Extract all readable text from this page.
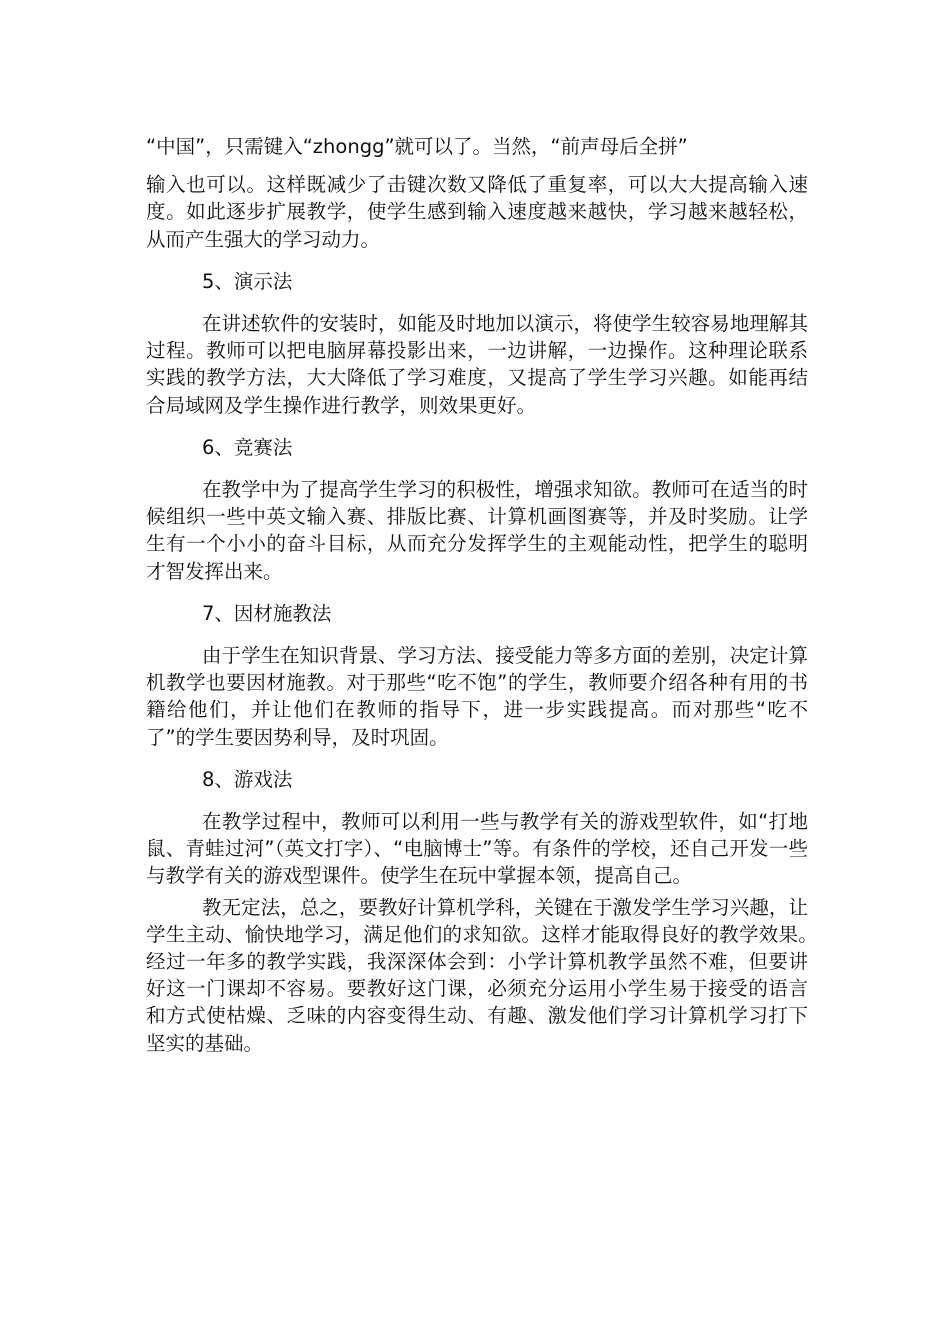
“中国”，只需键入“zhongg”就可以了。当然，“前声母后全拼”

输入也可以。这样既减少了击键次数又降低了重复率，可以大大提高输入速度。如此逐步扩展教学，使学生感到输入速度越来越快，学习越来越轻松，从而产生强大的学习动力。

5、演示法

在讲述软件的安装时，如能及时地加以演示，将使学生较容易地理解其过程。教师可以把电脑屏幕投影出来，一边讲解，一边操作。这种理论联系实践的教学方法，大大降低了学习难度，又提高了学生学习兴趣。如能再结合局域网及学生操作进行教学，则效果更好。

6、竞赛法

在教学中为了提高学生学习的积极性，增强求知欲。教师可在适当的时候组织一些中英文输入赛、排版比赛、计算机画图赛等，并及时奖励。让学生有一个小小的奋斗目标，从而充分发挥学生的主观能动性，把学生的聪明才智发挥出来。

7、因材施教法

由于学生在知识背景、学习方法、接受能力等多方面的差别，决定计算机教学也要因材施教。对于那些“吃不饱”的学生，教师要介绍各种有用的书籍给他们，并让他们在教师的指导下，进一步实践提高。而对那些“吃不了”的学生要因势利导，及时巩固。

8、游戏法

在教学过程中，教师可以利用一些与教学有关的游戏型软件，如“打地鼠、青蛙过河”（英文打字）、“电脑博士”等。有条件的学校，还自己开发一些与教学有关的游戏型课件。使学生在玩中掌握本领，提高自己。

教无定法，总之，要教好计算机学科，关键在于激发学生学习兴趣，让学生主动、愉快地学习，满足他们的求知欲。这样才能取得良好的教学效果。　经过一年多的教学实践，我深深体会到：小学计算机教学虽然不难，但要讲好这一门课却不容易。要教好这门课，必须充分运用小学生易于接受的语言和方式使枯燥、乏味的内容变得生动、有趣、激发他们学习计算机学习打下坚实的基础。
